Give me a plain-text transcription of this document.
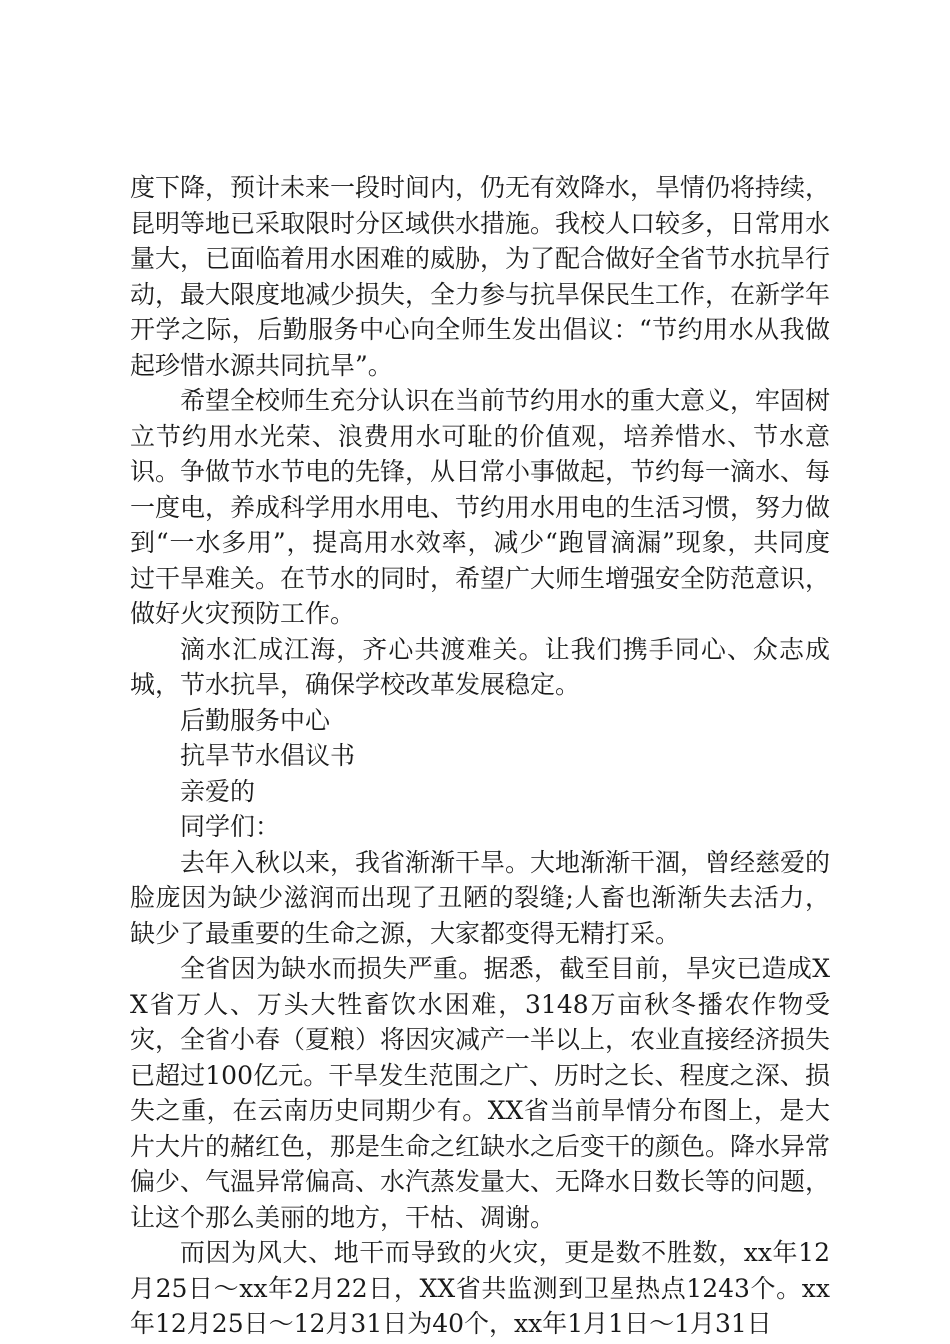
度下降，预计未来一段时间内，仍无有效降水，旱情仍将持续，昆明等地已采取限时分区域供水措施。我校人口较多，日常用水量大，已面临着用水困难的威胁，为了配合做好全省节水抗旱行动，最大限度地减少损失，全力参与抗旱保民生工作，在新学年开学之际，后勤服务中心向全师生发出倡议：“节约用水从我做起珍惜水源共同抗旱”。

希望全校师生充分认识在当前节约用水的重大意义，牢固树立节约用水光荣、浪费用水可耻的价值观，培养惜水、节水意识。争做节水节电的先锋，从日常小事做起，节约每一滴水、每一度电，养成科学用水用电、节约用水用电的生活习惯，努力做到“一水多用”，提高用水效率，减少“跑冒滴漏”现象，共同度过干旱难关。在节水的同时，希望广大师生增强安全防范意识，做好火灾预防工作。

滴水汇成江海，齐心共渡难关。让我们携手同心、众志成城，节水抗旱，确保学校改革发展稳定。

后勤服务中心

抗旱节水倡议书

亲爱的

同学们：

去年入秋以来，我省渐渐干旱。大地渐渐干涸，曾经慈爱的脸庞因为缺少滋润而出现了丑陋的裂缝;人畜也渐渐失去活力，缺少了最重要的生命之源，大家都变得无精打采。

全省因为缺水而损失严重。据悉，截至目前，旱灾已造成XX省万人、万头大牲畜饮水困难，3148万亩秋冬播农作物受灾，全省小春（夏粮）将因灾减产一半以上，农业直接经济损失已超过100亿元。干旱发生范围之广、历时之长、程度之深、损失之重，在云南历史同期少有。XX省当前旱情分布图上，是大片大片的赭红色，那是生命之红缺水之后变干的颜色。降水异常偏少、气温异常偏高、水汽蒸发量大、无降水日数长等的问题，让这个那么美丽的地方，干枯、凋谢。

而因为风大、地干而导致的火灾，更是数不胜数，xx年12月25日～xx年2月22日，XX省共监测到卫星热点1243个。xx年12月25日～12月31日为40个，xx年1月1日～1月31日
